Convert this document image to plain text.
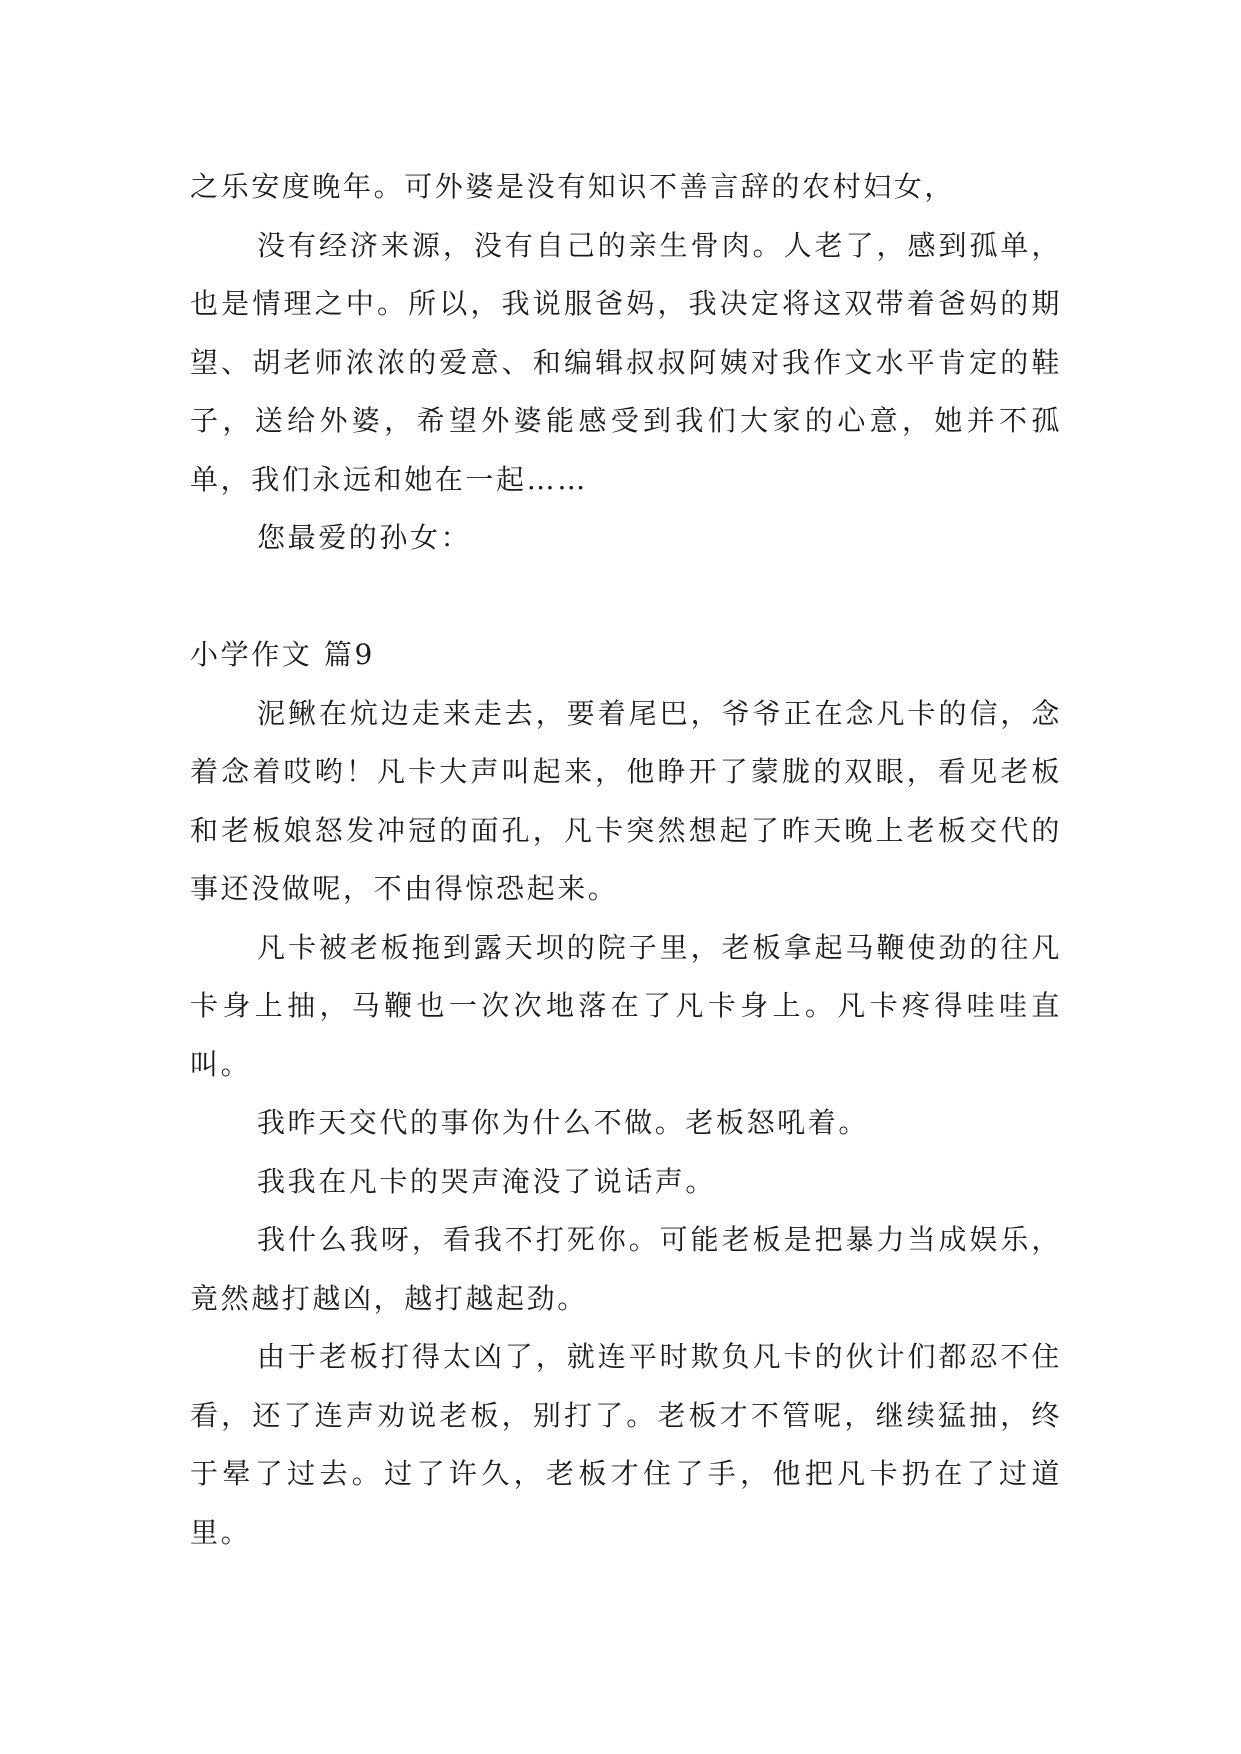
之乐安度晚年。可外婆是没有知识不善言辞的农村妇女，

没有经济来源，没有自己的亲生骨肉。人老了，感到孤单，也是情理之中。所以，我说服爸妈，我决定将这双带着爸妈的期望、胡老师浓浓的爱意、和编辑叔叔阿姨对我作文水平肯定的鞋子，送给外婆，希望外婆能感受到我们大家的心意，她并不孤单，我们永远和她在一起……

您最爱的孙女：

小学作文 篇9

泥鳅在炕边走来走去，要着尾巴，爷爷正在念凡卡的信，念着念着哎哟！凡卡大声叫起来，他睁开了蒙胧的双眼，看见老板和老板娘怒发冲冠的面孔，凡卡突然想起了昨天晚上老板交代的事还没做呢，不由得惊恐起来。

凡卡被老板拖到露天坝的院子里，老板拿起马鞭使劲的往凡卡身上抽，马鞭也一次次地落在了凡卡身上。凡卡疼得哇哇直叫。

我昨天交代的事你为什么不做。老板怒吼着。

我我在凡卡的哭声淹没了说话声。

我什么我呀，看我不打死你。可能老板是把暴力当成娱乐，竟然越打越凶，越打越起劲。

由于老板打得太凶了，就连平时欺负凡卡的伙计们都忍不住看，还了连声劝说老板，别打了。老板才不管呢，继续猛抽，终于晕了过去。过了许久，老板才住了手，他把凡卡扔在了过道里。
